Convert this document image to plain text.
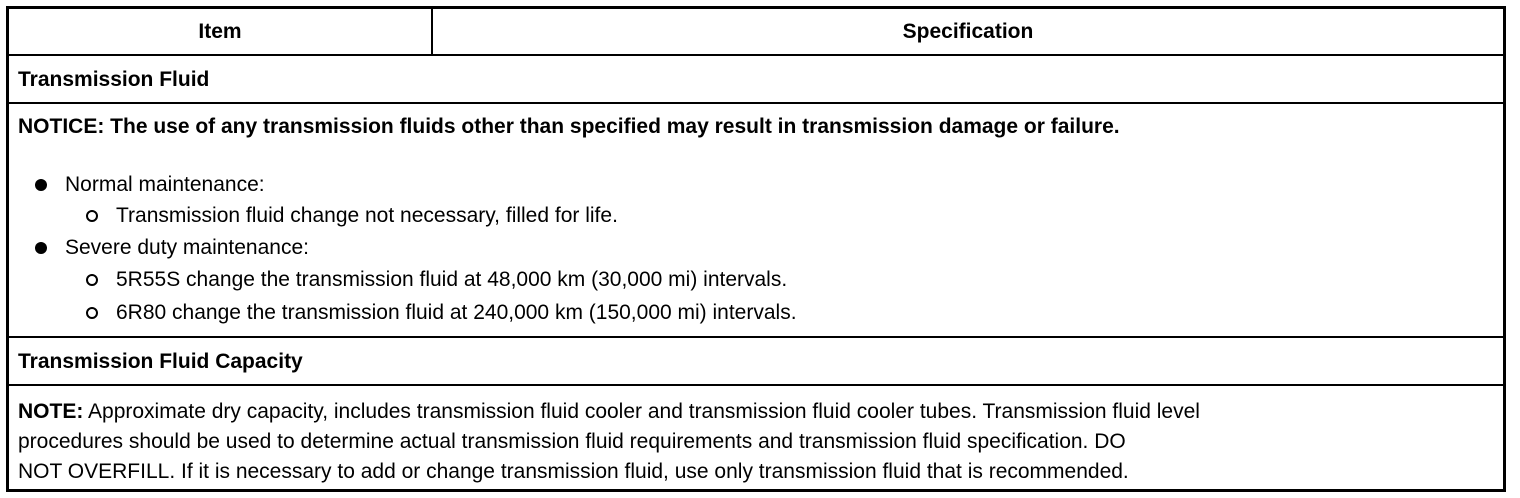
Item	Specification
Transmission Fluid
NOTICE: The use of any transmission fluids other than specified may result in transmission damage or failure.
Normal maintenance:
Transmission fluid change not necessary, filled for life.
Severe duty maintenance:
5R55S change the transmission fluid at 48,000 km (30,000 mi) intervals.
6R80 change the transmission fluid at 240,000 km (150,000 mi) intervals.
Transmission Fluid Capacity
NOTE: Approximate dry capacity, includes transmission fluid cooler and transmission fluid cooler tubes. Transmission fluid level
procedures should be used to determine actual transmission fluid requirements and transmission fluid specification. DO
NOT OVERFILL. If it is necessary to add or change transmission fluid, use only transmission fluid that is recommended.
